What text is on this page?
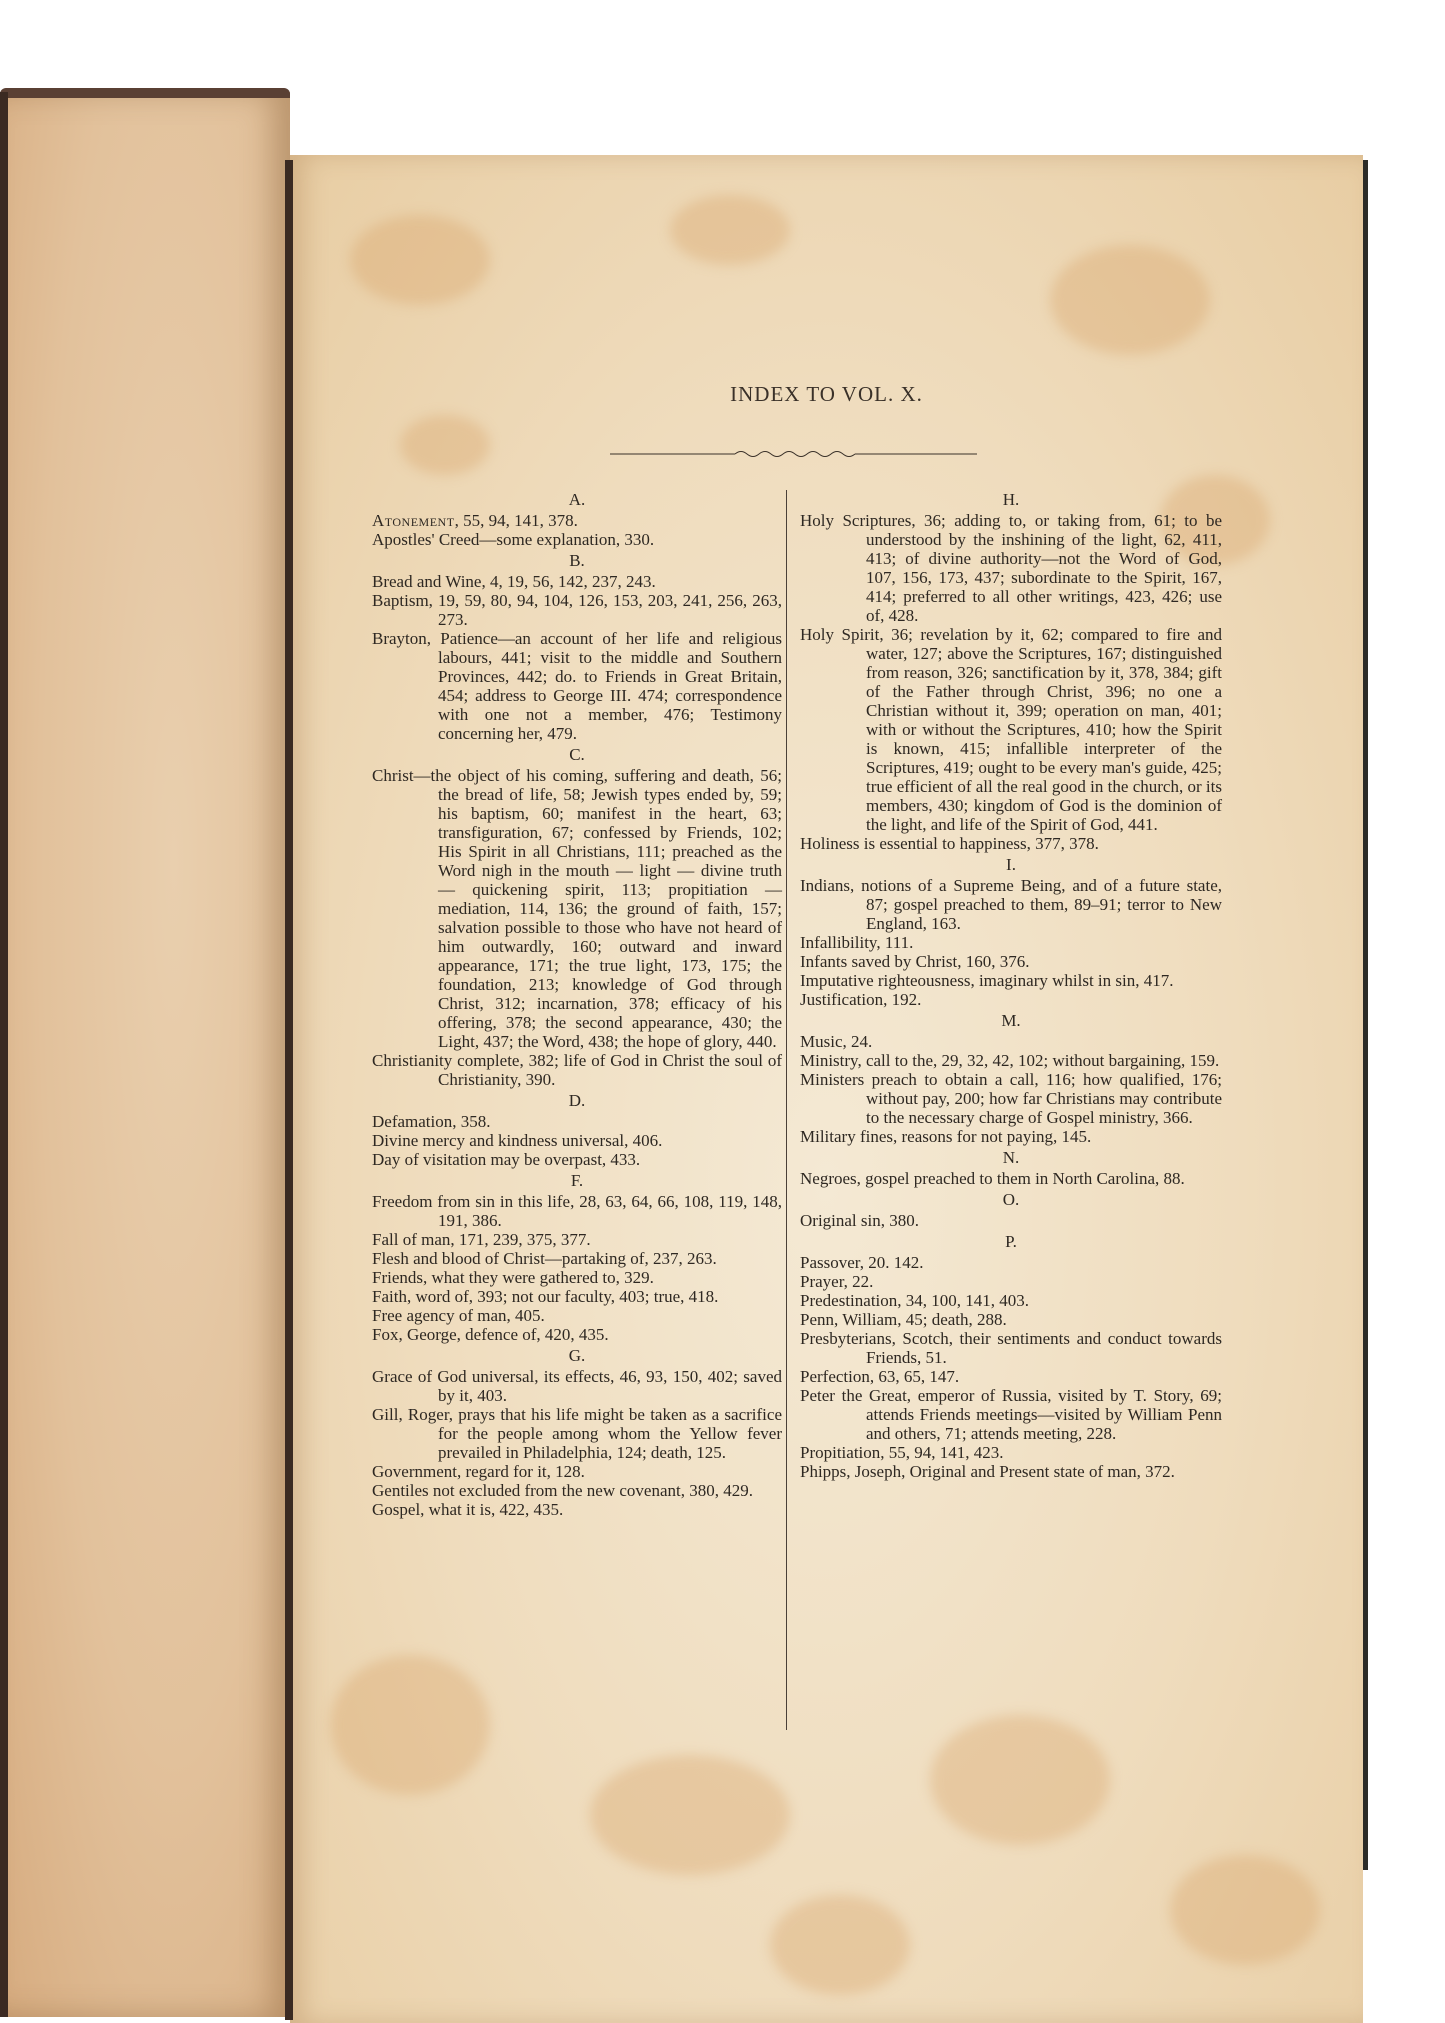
INDEX TO VOL. X.
A.

Atonement, 55, 94, 141, 378.

Apostles' Creed—some explanation, 330.

B.

Bread and Wine, 4, 19, 56, 142, 237, 243.

Baptism, 19, 59, 80, 94, 104, 126, 153, 203, 241, 256, 263, 273.

Brayton, Patience—an account of her life and religious labours, 441; visit to the middle and Southern Provinces, 442; do. to Friends in Great Britain, 454; address to George III. 474; correspondence with one not a member, 476; Testimony concerning her, 479.

C.

Christ—the object of his coming, suffering and death, 56; the bread of life, 58; Jewish types ended by, 59; his baptism, 60; manifest in the heart, 63; transfiguration, 67; confessed by Friends, 102; His Spirit in all Christians, 111; preached as the Word nigh in the mouth — light — divine truth — quickening spirit, 113; propitiation — mediation, 114, 136; the ground of faith, 157; salvation possible to those who have not heard of him outwardly, 160; outward and inward appearance, 171; the true light, 173, 175; the foundation, 213; knowledge of God through Christ, 312; incarnation, 378; efficacy of his offering, 378; the second appearance, 430; the Light, 437; the Word, 438; the hope of glory, 440.

Christianity complete, 382; life of God in Christ the soul of Christianity, 390.

D.

Defamation, 358.

Divine mercy and kindness universal, 406.

Day of visitation may be overpast, 433.

F.

Freedom from sin in this life, 28, 63, 64, 66, 108, 119, 148, 191, 386.

Fall of man, 171, 239, 375, 377.

Flesh and blood of Christ—partaking of, 237, 263.

Friends, what they were gathered to, 329.

Faith, word of, 393; not our faculty, 403; true, 418.

Free agency of man, 405.

Fox, George, defence of, 420, 435.

G.

Grace of God universal, its effects, 46, 93, 150, 402; saved by it, 403.

Gill, Roger, prays that his life might be taken as a sacrifice for the people among whom the Yellow fever prevailed in Philadelphia, 124; death, 125.

Government, regard for it, 128.

Gentiles not excluded from the new covenant, 380, 429.

Gospel, what it is, 422, 435.

H.

Holy Scriptures, 36; adding to, or taking from, 61; to be understood by the inshining of the light, 62, 411, 413; of divine authority—not the Word of God, 107, 156, 173, 437; subordinate to the Spirit, 167, 414; preferred to all other writings, 423, 426; use of, 428.

Holy Spirit, 36; revelation by it, 62; compared to fire and water, 127; above the Scriptures, 167; distinguished from reason, 326; sanctification by it, 378, 384; gift of the Father through Christ, 396; no one a Christian without it, 399; operation on man, 401; with or without the Scriptures, 410; how the Spirit is known, 415; infallible interpreter of the Scriptures, 419; ought to be every man's guide, 425; true efficient of all the real good in the church, or its members, 430; kingdom of God is the dominion of the light, and life of the Spirit of God, 441.

Holiness is essential to happiness, 377, 378.

I.

Indians, notions of a Supreme Being, and of a future state, 87; gospel preached to them, 89–91; terror to New England, 163.

Infallibility, 111.

Infants saved by Christ, 160, 376.

Imputative righteousness, imaginary whilst in sin, 417.

Justification, 192.

M.

Music, 24.

Ministry, call to the, 29, 32, 42, 102; without bargaining, 159.

Ministers preach to obtain a call, 116; how qualified, 176; without pay, 200; how far Christians may contribute to the necessary charge of Gospel ministry, 366.

Military fines, reasons for not paying, 145.

N.

Negroes, gospel preached to them in North Carolina, 88.

O.

Original sin, 380.

P.

Passover, 20. 142.

Prayer, 22.

Predestination, 34, 100, 141, 403.

Penn, William, 45; death, 288.

Presbyterians, Scotch, their sentiments and conduct towards Friends, 51.

Perfection, 63, 65, 147.

Peter the Great, emperor of Russia, visited by T. Story, 69; attends Friends meetings—visited by William Penn and others, 71; attends meeting, 228.

Propitiation, 55, 94, 141, 423.

Phipps, Joseph, Original and Present state of man, 372.
